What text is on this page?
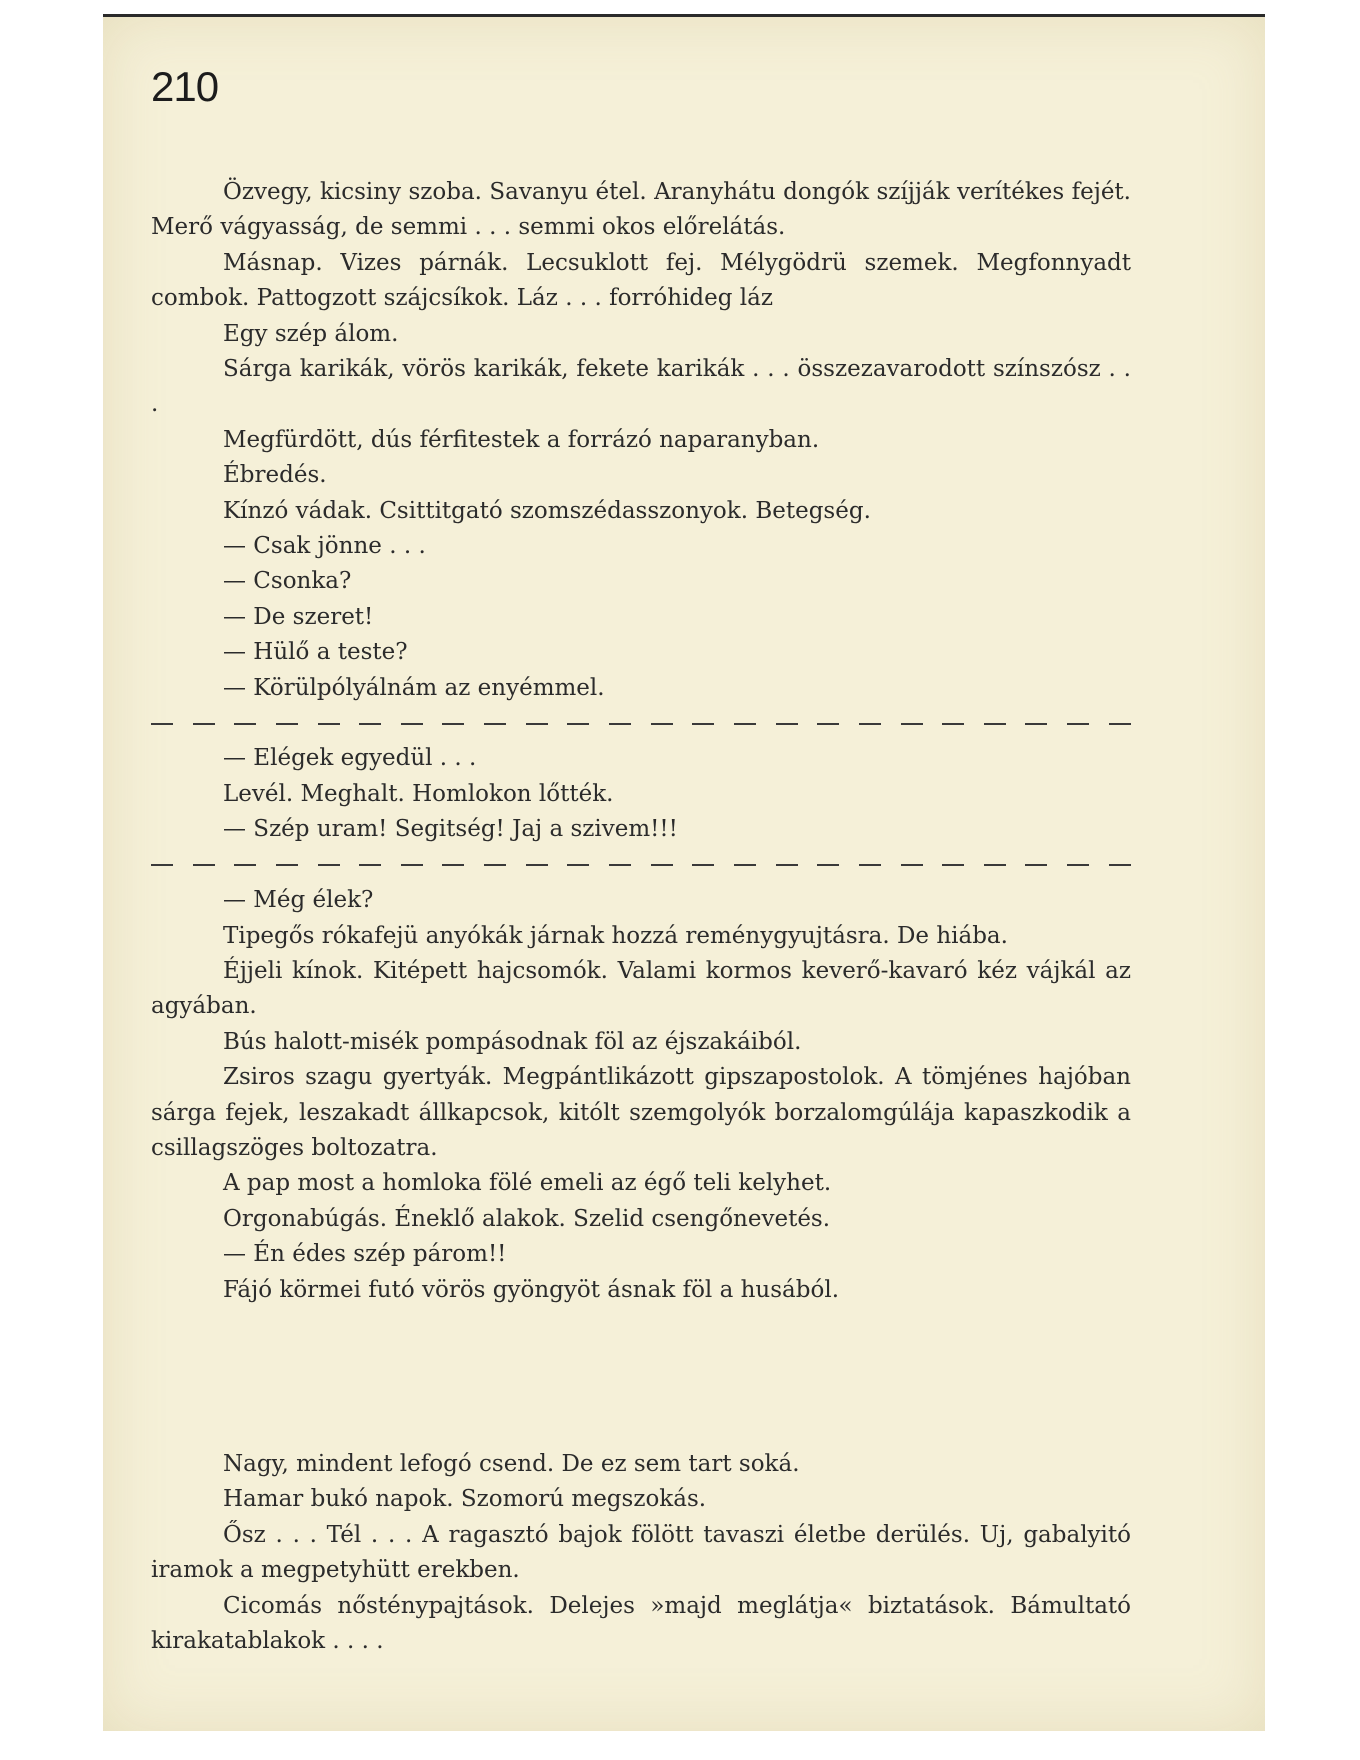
210

Özvegy, kicsiny szoba. Savanyu étel. Aranyhátu dongók szíjják verítékes fejét. Merő vágyasság, de semmi . . . semmi okos előrelátás.

Másnap. Vizes párnák. Lecsuklott fej. Mélygödrü szemek. Megfonnyadt combok. Pattogzott szájcsíkok. Láz . . . forróhideg láz

Egy szép álom.

Sárga karikák, vörös karikák, fekete karikák . . . összezavarodott színszósz . . .

Megfürdött, dús férfitestek a forrázó naparanyban.

Ébredés.

Kínzó vádak. Csittitgató szomszédasszonyok. Betegség.

— Csak jönne . . .

— Csonka?

— De szeret!

— Hülő a teste?

— Körülpólyálnám az enyémmel.

— Elégek egyedül . . .

Levél. Meghalt. Homlokon lőtték.

— Szép uram! Segitség! Jaj a szivem!!!

— Még élek?

Tipegős rókafejü anyókák járnak hozzá reménygyujtásra. De hiába.

Éjjeli kínok. Kitépett hajcsomók. Valami kormos keverő-kavaró kéz vájkál az agyában.

Bús halott-misék pompásodnak föl az éjszakáiból.

Zsiros szagu gyertyák. Megpántlikázott gipszapostolok. A tömjénes hajóban sárga fejek, leszakadt állkapcsok, kitólt szemgolyók borzalomgúlája kapaszkodik a csillagszöges boltozatra.

A pap most a homloka fölé emeli az égő teli kelyhet.

Orgonabúgás. Éneklő alakok. Szelid csengőnevetés.

— Én édes szép párom!!

Fájó körmei futó vörös gyöngyöt ásnak föl a husából.

Nagy, mindent lefogó csend. De ez sem tart soká.

Hamar bukó napok. Szomorú megszokás.

Ősz . . . Tél . . . A ragasztó bajok fölött tavaszi életbe derülés. Uj, gabalyitó iramok a megpetyhütt erekben.

Cicomás nősténypajtások. Delejes »majd meglátja« biztatások. Bámultató kirakatablakok . . . .
